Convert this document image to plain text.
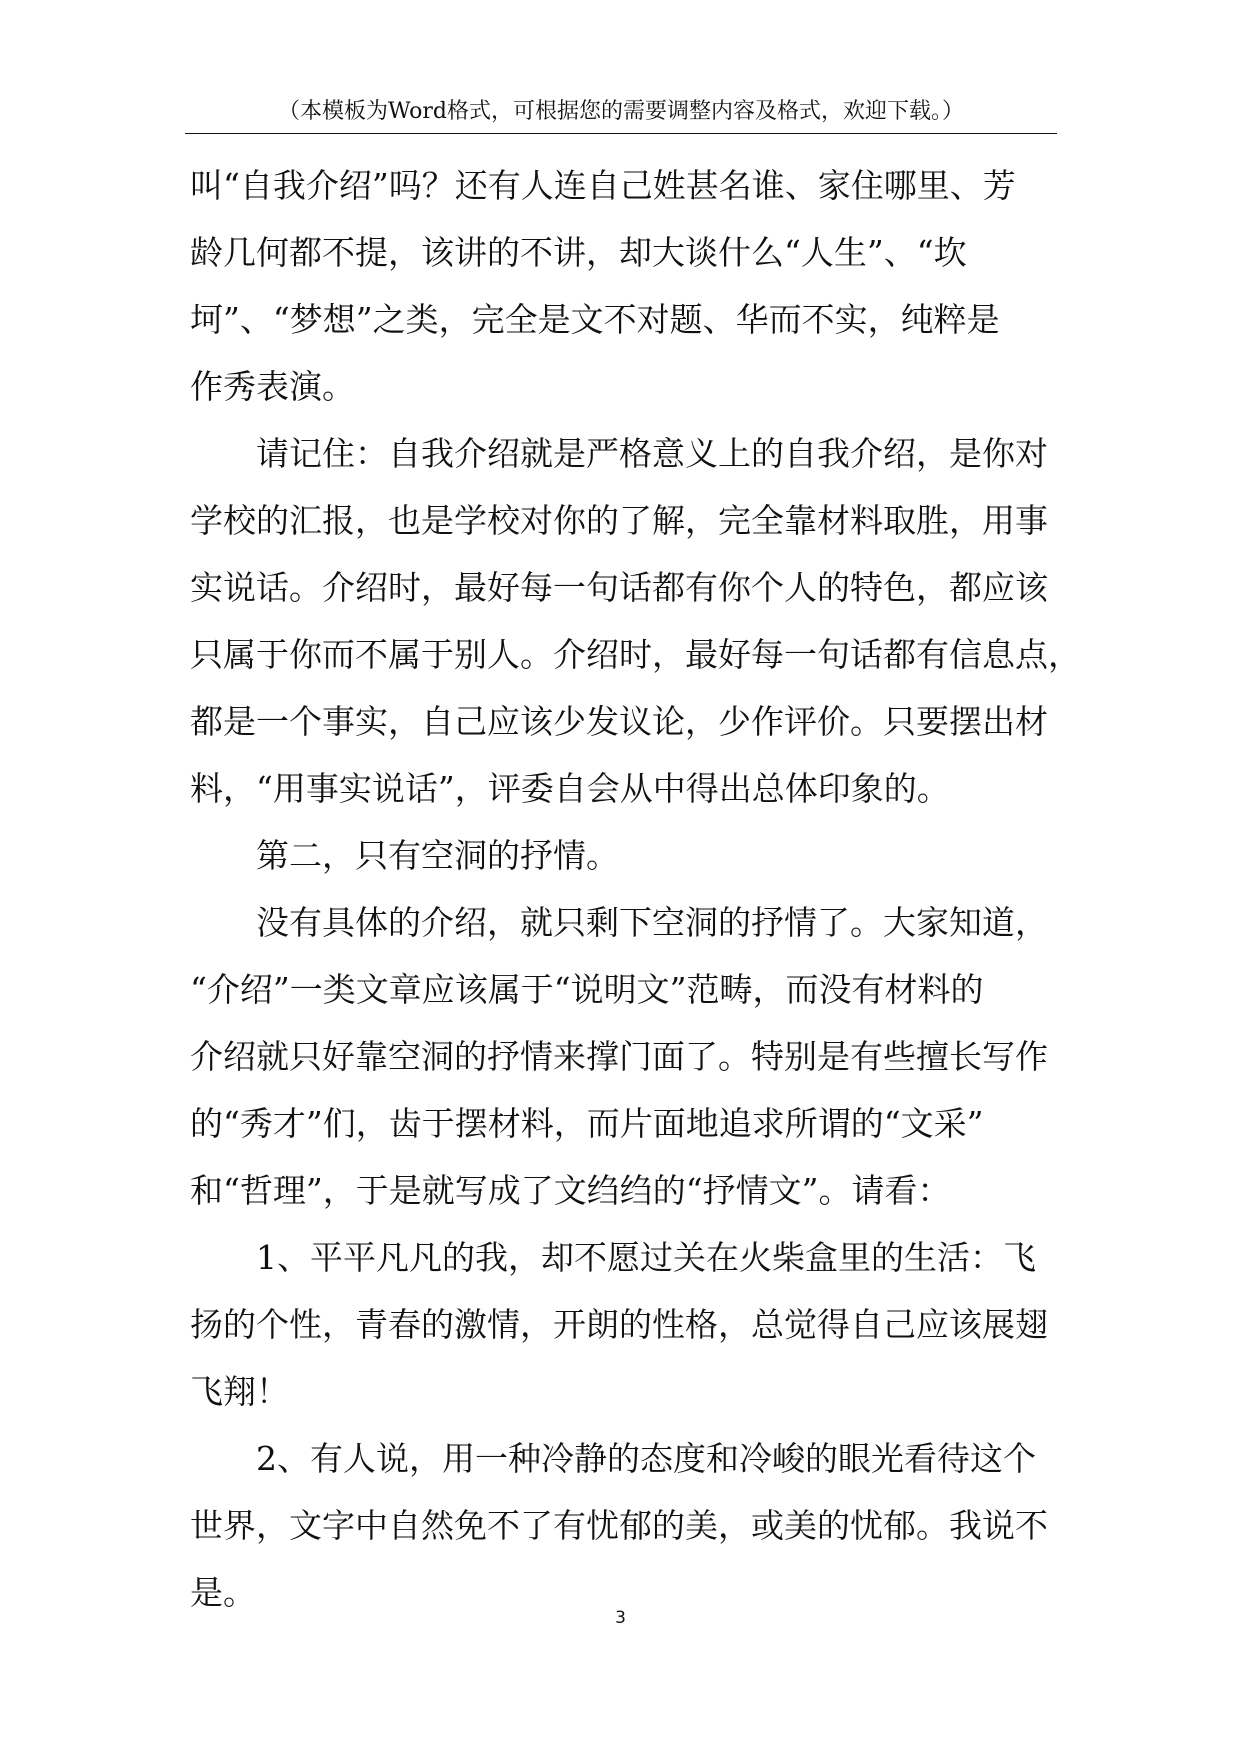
（本模板为Word格式，可根据您的需要调整内容及格式，欢迎下载。）
叫“自我介绍”吗？还有人连自己姓甚名谁、家住哪里、芳
龄几何都不提，该讲的不讲，却大谈什么“人生”、“坎
坷”、“梦想”之类，完全是文不对题、华而不实，纯粹是
作秀表演。
请记住：自我介绍就是严格意义上的自我介绍，是你对
学校的汇报，也是学校对你的了解，完全靠材料取胜，用事
实说话。介绍时，最好每一句话都有你个人的特色，都应该
只属于你而不属于别人。介绍时，最好每一句话都有信息点，
都是一个事实，自己应该少发议论，少作评价。只要摆出材
料，“用事实说话”，评委自会从中得出总体印象的。
第二，只有空洞的抒情。
没有具体的介绍，就只剩下空洞的抒情了。大家知道，
“介绍”一类文章应该属于“说明文”范畴，而没有材料的
介绍就只好靠空洞的抒情来撑门面了。特别是有些擅长写作
的“秀才”们，齿于摆材料，而片面地追求所谓的“文采”
和“哲理”，于是就写成了文绉绉的“抒情文”。请看：
1、平平凡凡的我，却不愿过关在火柴盒里的生活：飞
扬的个性，青春的激情，开朗的性格，总觉得自己应该展翅
飞翔！
2、有人说，用一种冷静的态度和冷峻的眼光看待这个
世界，文字中自然免不了有忧郁的美，或美的忧郁。我说不
是。
3
